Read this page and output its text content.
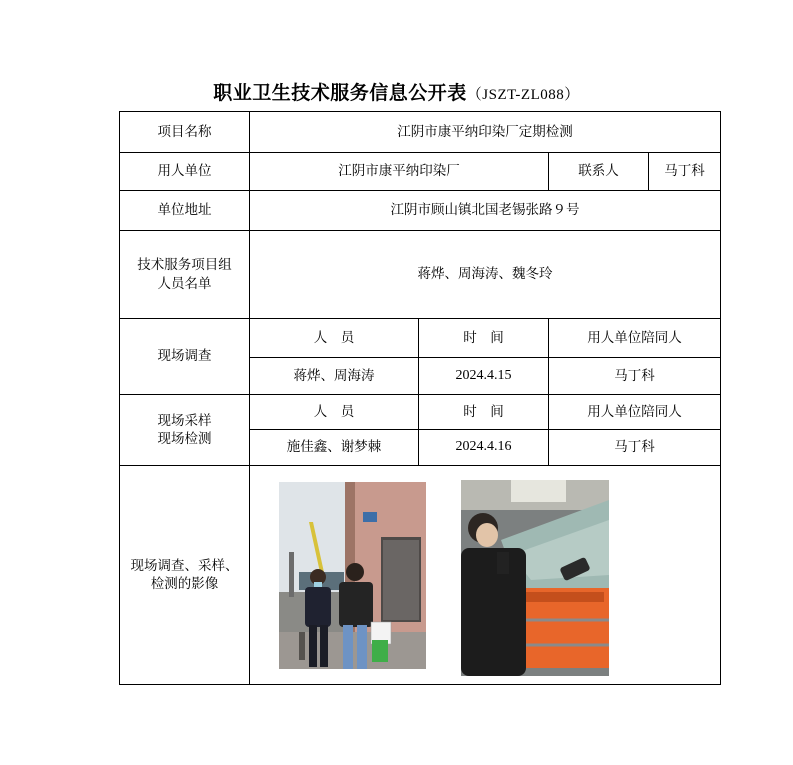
职业卫生技术服务信息公开表（JSZT-ZL088）
项目名称	江阴市康平纳印染厂定期检测			
用人单位	江阴市康平纳印染厂		联系人	马丁科
单位地址	江阴市顾山镇北国老锡张路９号			
技术服务项目组人员名单	蒋烨、周海涛、魏冬玲			
现场调查	人　员	时　间	用人单位陪同人	
	蒋烨、周海涛	2024.4.15	马丁科	
现场采样现场检测	人　员	时　间	用人单位陪同人	
	施佳鑫、谢梦棘	2024.4.16	马丁科	
现场调查、采样、检测的影像	
